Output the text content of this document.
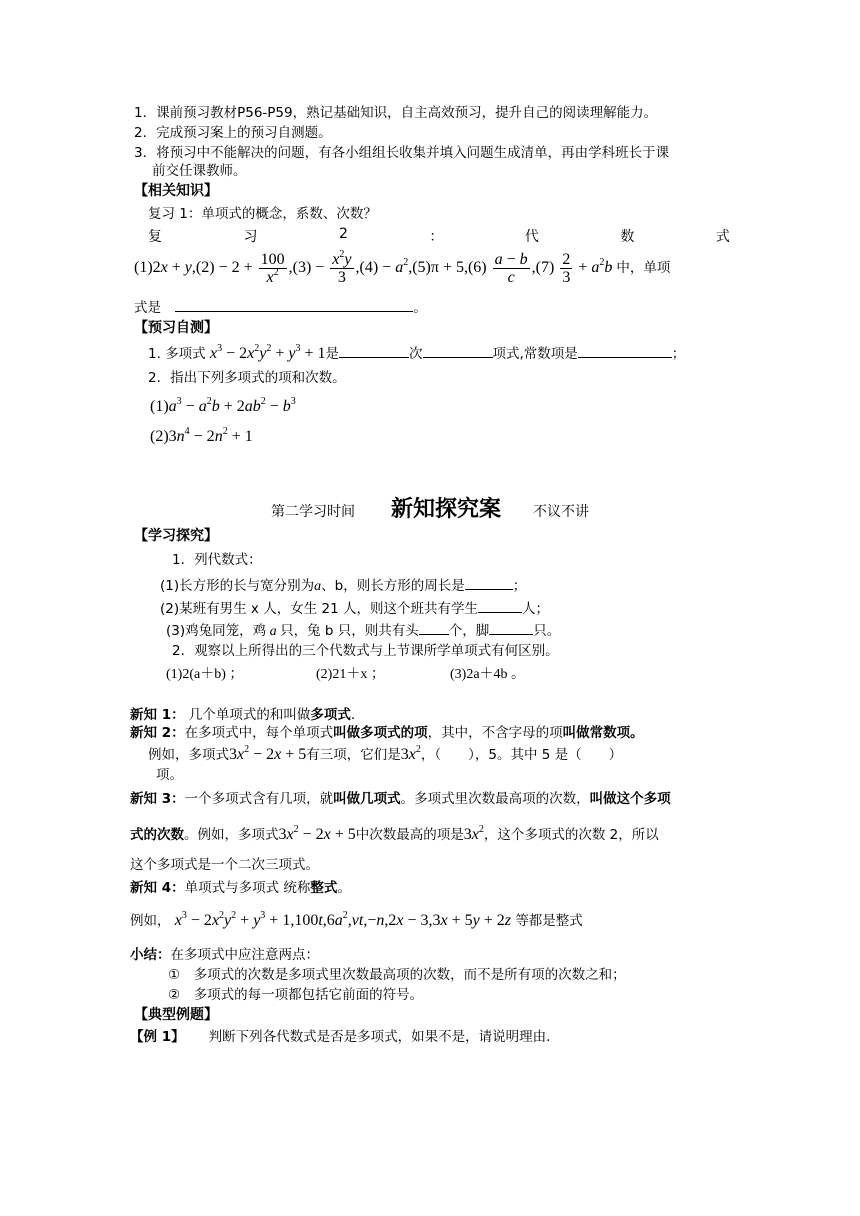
1．课前预习教材P56-P59，熟记基础知识，自主高效预习，提升自己的阅读理解能力。
2．完成预习案上的预习自测题。
3．将预习中不能解决的问题，有各小组组长收集并填入问题生成清单，再由学科班长于课
前交任课教师。
【相关知识】
复习 1：单项式的概念，系数、次数？
复	习	2	：	代	数	式
$(1)2x + y,(2) - 2 + \frac{100}{x^2} ,(3) - \frac{x^2y}{3} ,(4) - a^2,(5)\pi + 5,(6) \frac{a - b}{c} ,(7) \frac{2}{3} + a^2b$ 中，单项
式是	。
【预习自测】
1. 多项式 $x^3 - 2x^2y^2 + y^3 + 1$是	次	项式,常数项是	；
2．指出下列多项式的项和次数。
$(1)a^3 - a^2b + 2ab^2 - b^3$
$(2)3n^4 - 2n^2 + 1$
第二学习时间 新知探究案 不议不讲
【学习探究】
1．列代数式：
(1)长方形的长与宽分别为a、b，则长方形的周长是	；
(2)某班有男生 x 人，女生 21 人，则这个班共有学生	人；
(3)鸡兔同笼，鸡 a 只，兔 b 只，则共有头 个，脚	只。
2．观察以上所得出的三个代数式与上节课所学单项式有何区别。
(1)2(a＋b) ；	(2)21＋x ；	(3)2a＋4b 。
新知 1： 几个单项式的和叫做多项式.
新知 2：在多项式中，每个单项式叫做多项式的项，其中，不含字母的项叫做常数项。
例如，多项式$3x^2 - 2x + 5$有三项，它们是$3x^2$，（　　），5。其中 5 是（　　）
项。
新知 3：一个多项式含有几项，就叫做几项式。多项式里次数最高项的次数，叫做这个多项
式的次数。例如，多项式$3x^2 - 2x + 5$中次数最高的项是$3x^2$，这个多项式的次数 2，所以
这个多项式是一个二次三项式。
新知 4：单项式与多项式 统称整式。
例如， $x^3 - 2x^2y^2 + y^3 + 1,100t,6a^2,vt,-n,2x - 3,3x + 5y + 2z$ 等都是整式
小结：在多项式中应注意两点：
①　多项式的次数是多项式里次数最高项的次数，而不是所有项的次数之和；
②　多项式的每一项都包括它前面的符号。
【典型例题】
【例 1】 判断下列各代数式是否是多项式，如果不是，请说明理由.
